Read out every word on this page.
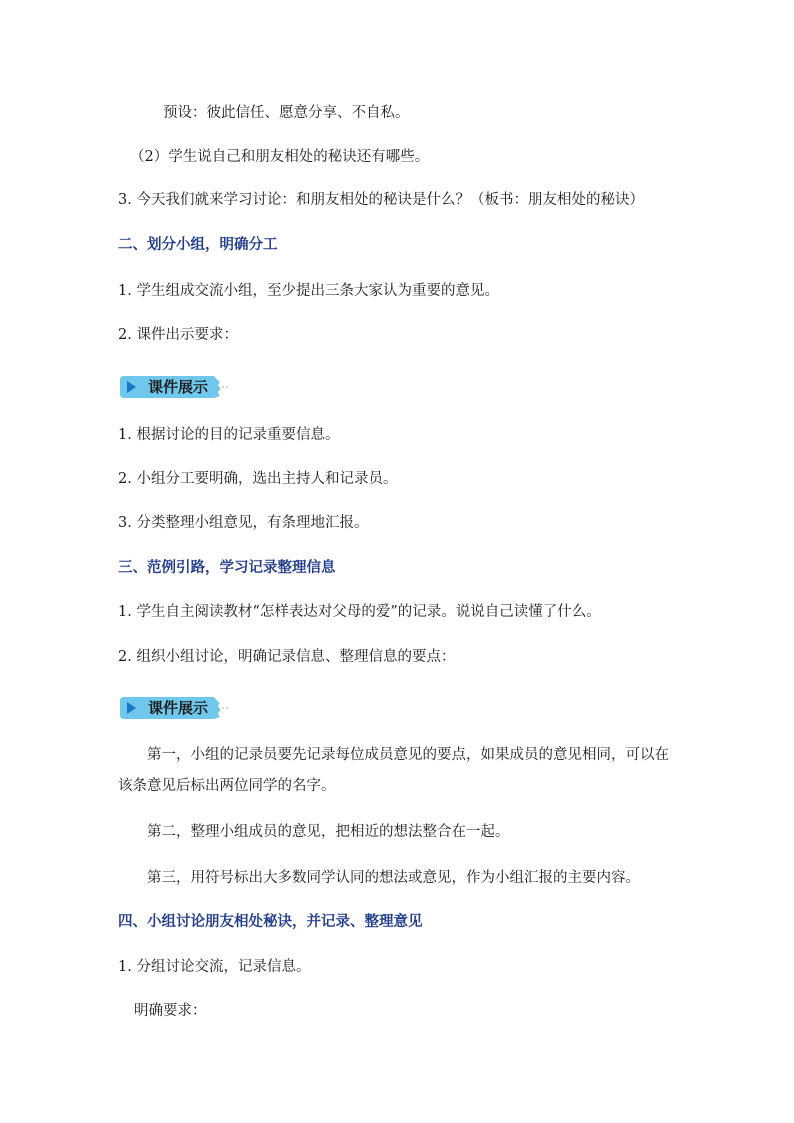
预设：彼此信任、愿意分享、不自私。
（2）学生说自己和朋友相处的秘诀还有哪些。
3. 今天我们就来学习讨论：和朋友相处的秘诀是什么？（板书：朋友相处的秘诀）
二、划分小组，明确分工
1. 学生组成交流小组，至少提出三条大家认为重要的意见。
2. 课件出示要求：
课件展示
1. 根据讨论的目的记录重要信息。
2. 小组分工要明确，选出主持人和记录员。
3. 分类整理小组意见，有条理地汇报。
三、范例引路，学习记录整理信息
1. 学生自主阅读教材“怎样表达对父母的爱”的记录。说说自己读懂了什么。
2. 组织小组讨论，明确记录信息、整理信息的要点：
课件展示
第一，小组的记录员要先记录每位成员意见的要点，如果成员的意见相同，可以在
该条意见后标出两位同学的名字。
第二，整理小组成员的意见，把相近的想法整合在一起。
第三，用符号标出大多数同学认同的想法或意见，作为小组汇报的主要内容。
四、小组讨论朋友相处秘诀，并记录、整理意见
1. 分组讨论交流，记录信息。
明确要求：
